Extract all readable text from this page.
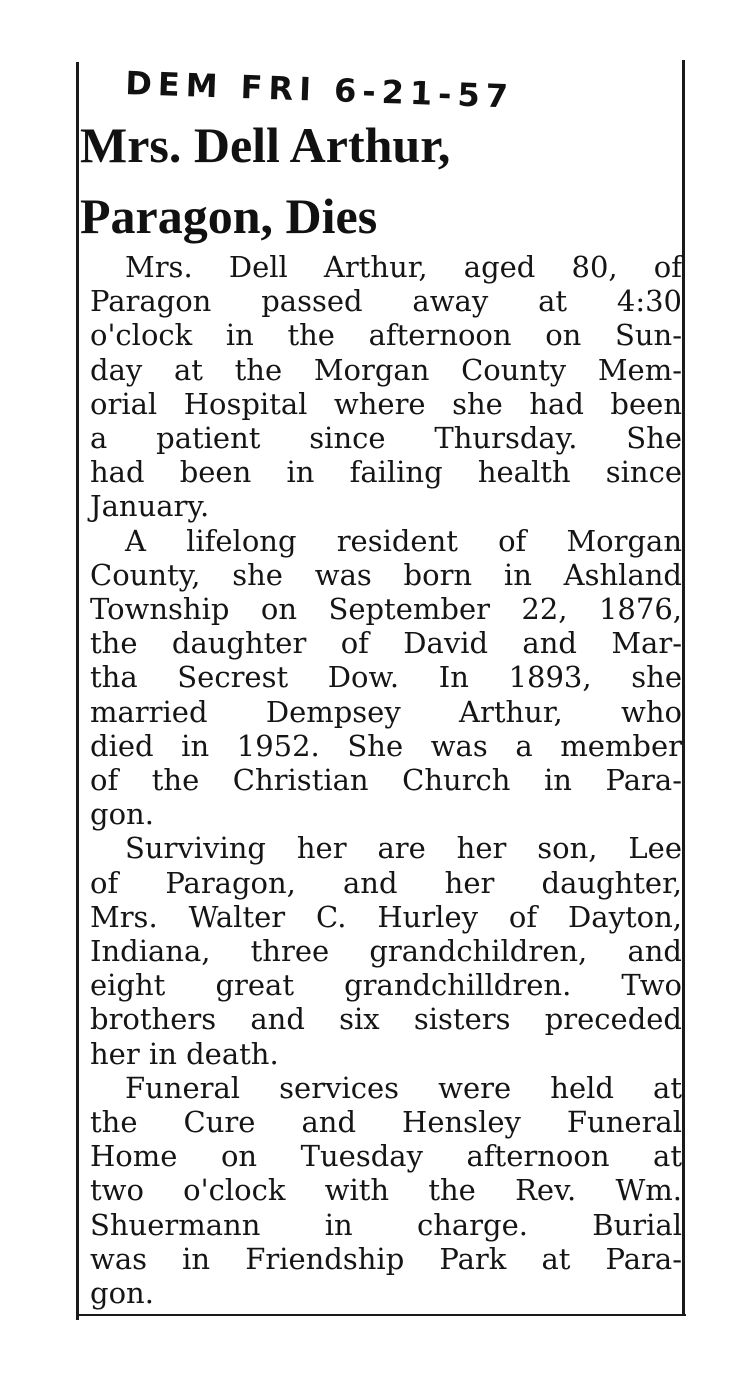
DEM FRI 6-21-57
Mrs. Dell Arthur,
Paragon, Dies

Mrs. Dell Arthur, aged 80, of
Paragon passed away at 4:30
o'clock in the afternoon on Sun-
day at the Morgan County Mem-
orial Hospital where she had been
a patient since Thursday. She
had been in failing health since
January.

A lifelong resident of Morgan
County, she was born in Ashland
Township on September 22, 1876,
the daughter of David and Mar-
tha Secrest Dow. In 1893, she
married Dempsey Arthur, who
died in 1952. She was a member
of the Christian Church in Para-
gon.

Surviving her are her son, Lee
of Paragon, and her daughter,
Mrs. Walter C. Hurley of Dayton,
Indiana, three grandchildren, and
eight great grandchilldren. Two
brothers and six sisters preceded
her in death.

Funeral services were held at
the Cure and Hensley Funeral
Home on Tuesday afternoon at
two o'clock with the Rev. Wm.
Shuermann in charge. Burial
was in Friendship Park at Para-
gon.
